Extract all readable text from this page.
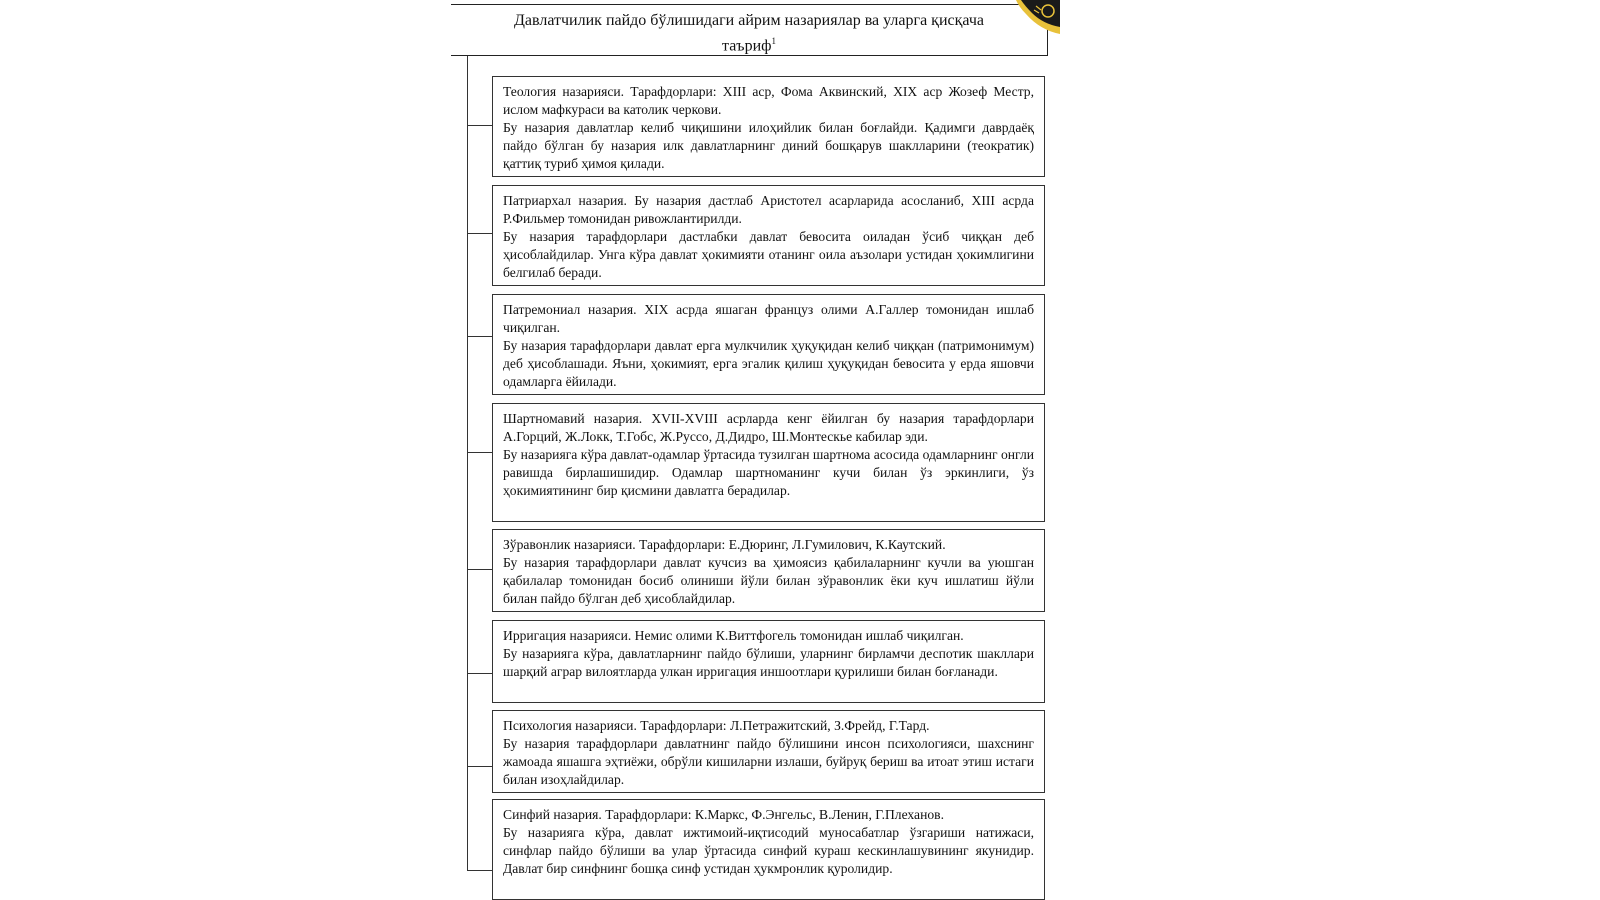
Давлатчилик пайдо бўлишидаги айрим назариялар ва уларга қисқача
таъриф$^1$

Теология назарияси. Тарафдорлари: XIII аср, Фома Аквинский, XIX аср Жозеф Местр, ислом мафкураси ва католик черкови.

Бу назария давлатлар келиб чиқишини илоҳийлик билан боғлайди. Қадимги даврдаёқ пайдо бўлган бу назария илк давлатларнинг диний бошқарув шаклларини (теократик) қаттиқ туриб ҳимоя қилади.

Патриархал назария. Бу назария дастлаб Аристотел асарларида асосланиб, XIII асрда Р.Фильмер томонидан ривожлантирилди.

Бу назария тарафдорлари дастлабки давлат бевосита оиладан ўсиб чиққан деб ҳисоблайдилар. Унга кўра давлат ҳокимияти отанинг оила аъзолари устидан ҳокимлигини белгилаб беради.

Патремониал назария. XIX асрда яшаган француз олими А.Галлер томонидан ишлаб чиқилган.

Бу назария тарафдорлари давлат ерга мулкчилик ҳуқуқидан келиб чиққан (патримонимум) деб ҳисоблашади. Яъни, ҳокимият, ерга эгалик қилиш ҳуқуқидан бевосита у ерда яшовчи одамларга ёйилади.

Шартномавий назария. XVII-XVIII асрларда кенг ёйилган бу назария тарафдорлари А.Горций, Ж.Локк, Т.Гобс, Ж.Руссо, Д.Дидро, Ш.Монтескье кабилар эди.

Бу назарияга кўра давлат-одамлар ўртасида тузилган шартнома асосида одамларнинг онгли равишда бирлашишидир. Одамлар шартноманинг кучи билан ўз эркинлиги, ўз ҳокимиятининг бир қисмини давлатга берадилар.

Зўравонлик назарияси. Тарафдорлари: Е.Дюринг, Л.Гумилович, К.Каутский.

Бу назария тарафдорлари давлат кучсиз ва ҳимоясиз қабилаларнинг кучли ва уюшган қабилалар томонидан босиб олиниши йўли билан зўравонлик ёки куч ишлатиш йўли билан пайдо бўлган деб ҳисоблайдилар.

Ирригация назарияси. Немис олими К.Виттфогель томонидан ишлаб чиқилган.

Бу назарияга кўра, давлатларнинг пайдо бўлиши, уларнинг бирламчи деспотик шакллари шарқий аграр вилоятларда улкан ирригация иншоотлари қурилиши билан боғланади.

Психология назарияси. Тарафдорлари: Л.Петражитский, З.Фрейд, Г.Тард.

Бу назария тарафдорлари давлатнинг пайдо бўлишини инсон психологияси, шахснинг жамоада яшашга эҳтиёжи, обрўли кишиларни излаши, буйруқ бериш ва итоат этиш истаги билан изоҳлайдилар.

Синфий назария. Тарафдорлари: К.Маркс, Ф.Энгельс, В.Ленин, Г.Плеханов.

Бу назарияга кўра, давлат ижтимоий-иқтисодий муносабатлар ўзгариши натижаси, синфлар пайдо бўлиши ва улар ўртасида синфий кураш кескинлашувининг якунидир. Давлат бир синфнинг бошқа синф устидан ҳукмронлик қуролидир.
